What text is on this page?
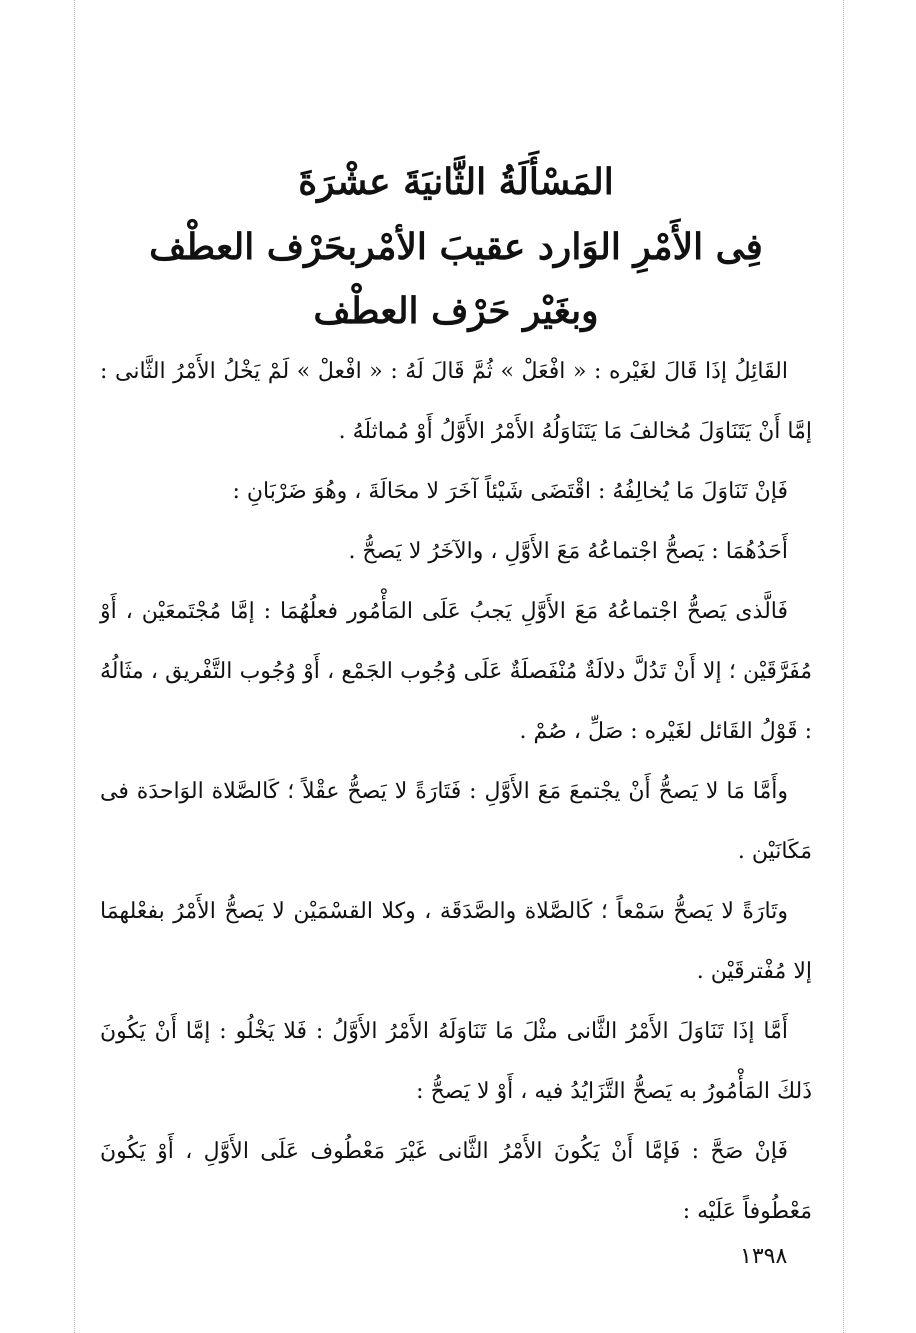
المَسْأَلَةُ الثَّانيَةَ عشْرَةَ
فِى الأَمْرِ الوَارد عقيبَ الأمْربحَرْف العطْف
وبغَيْر حَرْف العطْف

القَائِلُ إذَا قَالَ لغَيْره : « افْعَلْ » ثُمَّ قَالَ لَهُ : « افْعلْ » لَمْ يَخْلُ الأَمْرُ الثَّانى : إمَّا أَنْ يَتَنَاوَلَ مُخالفَ مَا يَتَنَاوَلُهُ الأَمْرُ الأَوَّلُ أَوْ مُماثلَهُ .

فَإنْ تَنَاوَلَ مَا يُخالِفُهُ : اقْتَضَى شَيْئاً آخَرَ لا محَالَةَ ، وهُوَ ضَرْبَانِ :

أَحَدُهُمَا : يَصحُّ اجْتماعُهُ مَعَ الأَوَّلِ ، والآخَرُ لا يَصحُّ .

فَالَّذى يَصحُّ اجْتماعُهُ مَعَ الأَوَّلِ يَجبُ عَلَى المَأْمُور فعلُهُمَا : إمَّا مُجْتَمعَيْن ، أَوْ مُفَرَّقَيْن ؛ إلا أَنْ تَدُلَّ دلالَةٌ مُنْفَصلَةٌ عَلَى وُجُوب الجَمْع ، أَوْ وُجُوب التَّفْريق ، مثَالُهُ : قَوْلُ القَائل لغَيْره : صَلِّ ، صُمْ .

وأَمَّا مَا لا يَصحُّ أَنْ يجْتمعَ مَعَ الأَوَّلِ : فَتَارَةً لا يَصحُّ عقْلاً ؛ كَالصَّلاة الوَاحدَة فى مَكَانَيْن .

وتَارَةً لا يَصحُّ سَمْعاً ؛ كَالصَّلاة والصَّدَقَة ، وكلا القسْمَيْن لا يَصحُّ الأَمْرُ بفعْلهمَا إلا مُفْترقَيْن .

أَمَّا إذَا تَنَاوَلَ الأَمْرُ الثَّانى مثْلَ مَا تَنَاوَلَهُ الأَمْرُ الأَوَّلُ : فَلا يَخْلُو : إمَّا أَنْ يَكُونَ ذَلكَ المَأْمُورُ به يَصحُّ التَّزَايُدُ فيه ، أَوْ لا يَصحُّ :

فَإنْ صَحَّ : فَإمَّا أَنْ يَكُونَ الأَمْرُ الثَّانى غَيْرَ مَعْطُوف عَلَى الأَوَّلِ ، أَوْ يَكُونَ مَعْطُوفاً عَلَيْه :

١٣٩٨
